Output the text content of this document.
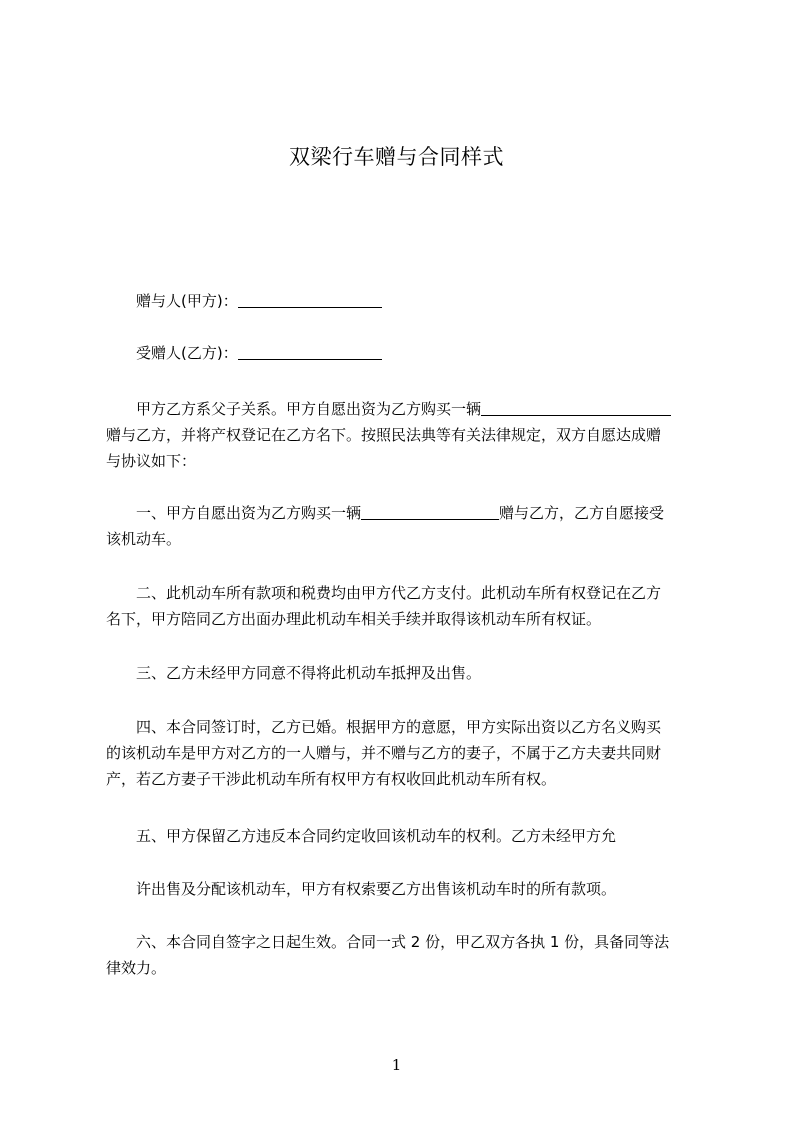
双梁行车赠与合同样式
赠与人(甲方)：
受赠人(乙方)：
甲方乙方系父子关系。甲方自愿出资为乙方购买一辆
赠与乙方，并将产权登记在乙方名下。按照民法典等有关法律规定，双方自愿达成赠
与协议如下：
一、甲方自愿出资为乙方购买一辆	赠与乙方，乙方自愿接受
该机动车。
二、此机动车所有款项和税费均由甲方代乙方支付。此机动车所有权登记在乙方
名下，甲方陪同乙方出面办理此机动车相关手续并取得该机动车所有权证。
三、乙方未经甲方同意不得将此机动车抵押及出售。
四、本合同签订时，乙方已婚。根据甲方的意愿，甲方实际出资以乙方名义购买
的该机动车是甲方对乙方的一人赠与，并不赠与乙方的妻子，不属于乙方夫妻共同财
产，若乙方妻子干涉此机动车所有权甲方有权收回此机动车所有权。
五、甲方保留乙方违反本合同约定收回该机动车的权利。乙方未经甲方允
许出售及分配该机动车，甲方有权索要乙方出售该机动车时的所有款项。
六、本合同自签字之日起生效。合同一式 2 份，甲乙双方各执 1 份，具备同等法
律效力。
1
